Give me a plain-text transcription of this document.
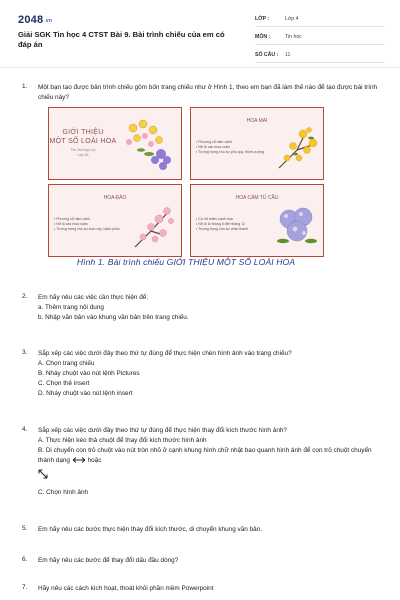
2048.vn
Giải SGK Tin học 4 CTST Bài 9. Bài trình chiếu của em có đáp án
LỚP :	Lớp 4
MÔN :	Tin học
SỐ CÂU :	11
1. Một bạn tạo được bản trình chiếu gồm bốn trang chiếu như ở Hình 1, theo em bạn đã làm thế nào để tạo được bài trình chiếu này?
GIỚI THIỆU
MỘT SỐ LOÀI HOA
Tên Trường Lớp
Lớp 4A
HOA MAI
• Phương cổ năm cánh
• Nở lộ vào mùa xuân
• Tượng trưng cho sự phú quý, thịnh vượng
HOA ĐÀO
• Phương cổ năm cánh
• Nở lộ vào mùa xuân
• Tượng trưng cho sự sum vầy, hạnh phúc
HOA CẨM TÚ CẦU
• Có rất nhiều cánh hoa
• Nở lộ từ tháng 5 đến tháng 12
• Tượng trưng cho sự chân thành
Hình 1. Bài trình chiếu GIỚI THIỆU MỘT SỐ LOÀI HOA
2. Em hãy nêu các việc cần thực hiện để:
a. Thêm trang nội dung
b. Nhập văn bản vào khung văn bản trên trang chiếu.
3. Sắp xếp các việc dưới đây theo thứ tự đúng để thực hiện chèn hình ảnh vào trang chiếu?
A. Chọn trang chiếu
B. Nháy chuột vào nút lệnh Pictures
C. Chọn thẻ insert
D. Nháy chuột vào nút lệnh insert
4. Sắp xếp các việc dưới đây theo thứ tự đúng để thực hiện thay đổi kích thước hình ảnh?
A. Thực hiện kéo thả chuột để thay đổi kích thước hình ảnh
B. Di chuyển con trỏ chuột vào nút tròn nhỏ ở cạnh khung hình chữ nhật bao quanh hình ảnh để con trỏ chuột chuyển thành dạng	hoặc
C. Chọn hình ảnh
5. Em hãy nêu các bước thực hiện thay đổi kích thước, di chuyển khung văn bản.
6. Em hãy nêu các bước để thay đổi dấu đầu dòng?
7. Hãy nêu các cách kích hoạt, thoát khỏi phần mềm Powerpoint
